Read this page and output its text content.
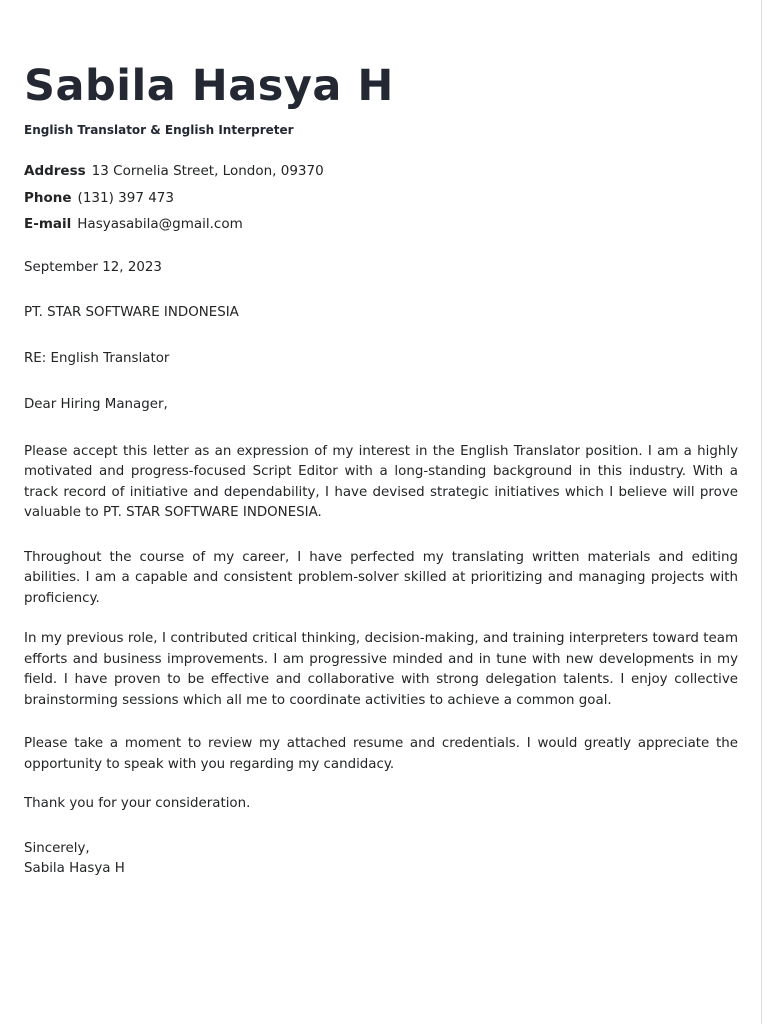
Sabila Hasya H
English Translator & English Interpreter
Address 13 Cornelia Street, London, 09370
Phone (131) 397 473
E-mail Hasyasabila@gmail.com
September 12, 2023
PT. STAR SOFTWARE INDONESIA
RE: English Translator
Dear Hiring Manager,

Please accept this letter as an expression of my interest in the English Translator position. I am a highly motivated and progress-focused Script Editor with a long-standing background in this industry. With a track record of initiative and dependability, I have devised strategic initiatives which I believe will prove valuable to PT. STAR SOFTWARE INDONESIA.

Throughout the course of my career, I have perfected my translating written materials and editing abilities. I am a capable and consistent problem-solver skilled at prioritizing and managing projects with proficiency.

In my previous role, I contributed critical thinking, decision-making, and training interpreters toward team efforts and business improvements. I am progressive minded and in tune with new developments in my field. I have proven to be effective and collaborative with strong delegation talents. I enjoy collective brainstorming sessions which all me to coordinate activities to achieve a common goal.

Please take a moment to review my attached resume and credentials. I would greatly appreciate the opportunity to speak with you regarding my candidacy.

Thank you for your consideration.
Sincerely,
Sabila Hasya H
